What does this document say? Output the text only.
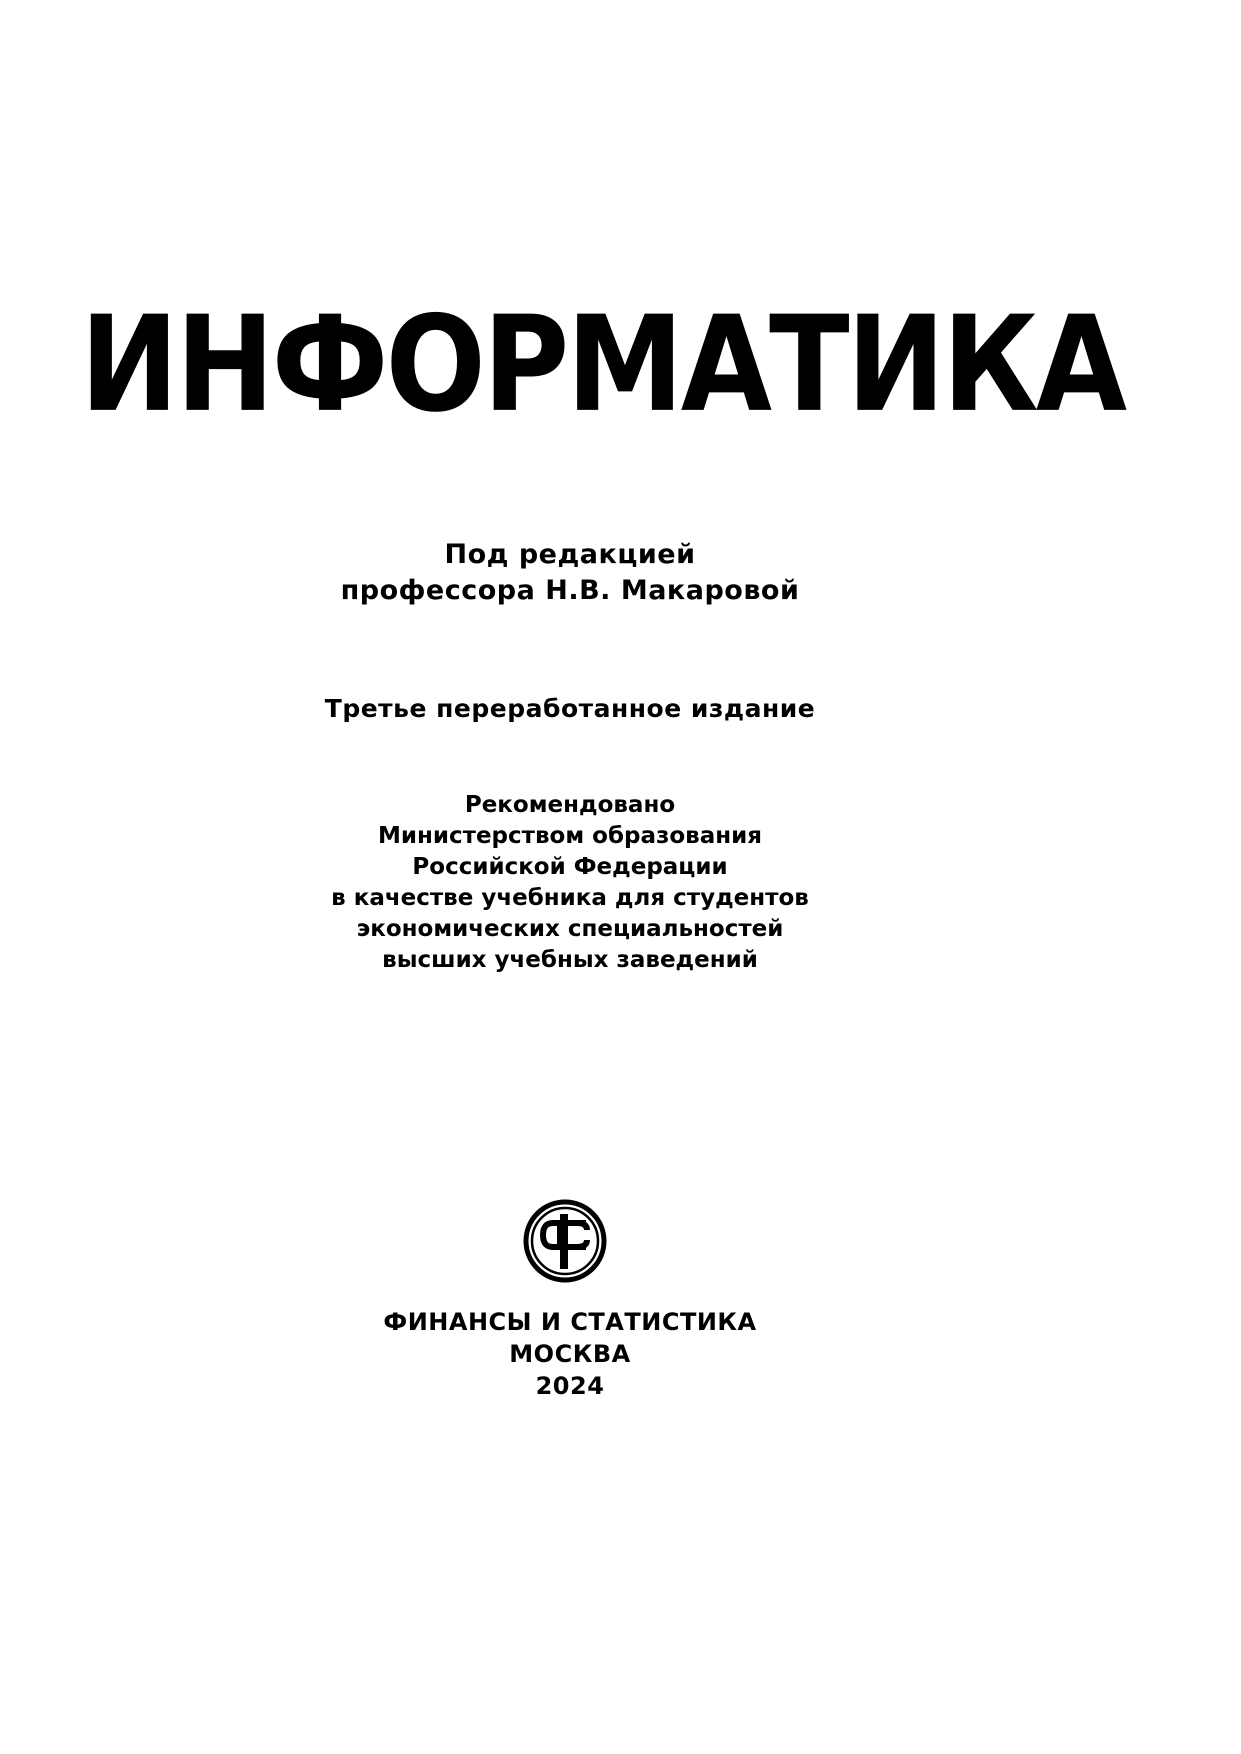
ИНФОРМАТИКА
Под редакцией
профессора Н.В. Макаровой
Третье переработанное издание
Рекомендовано
Министерством образования
Российской Федерации
в качестве учебника для студентов
экономических специальностей
высших учебных заведений
ФИНАНСЫ И СТАТИСТИКА
МОСКВА
2024
